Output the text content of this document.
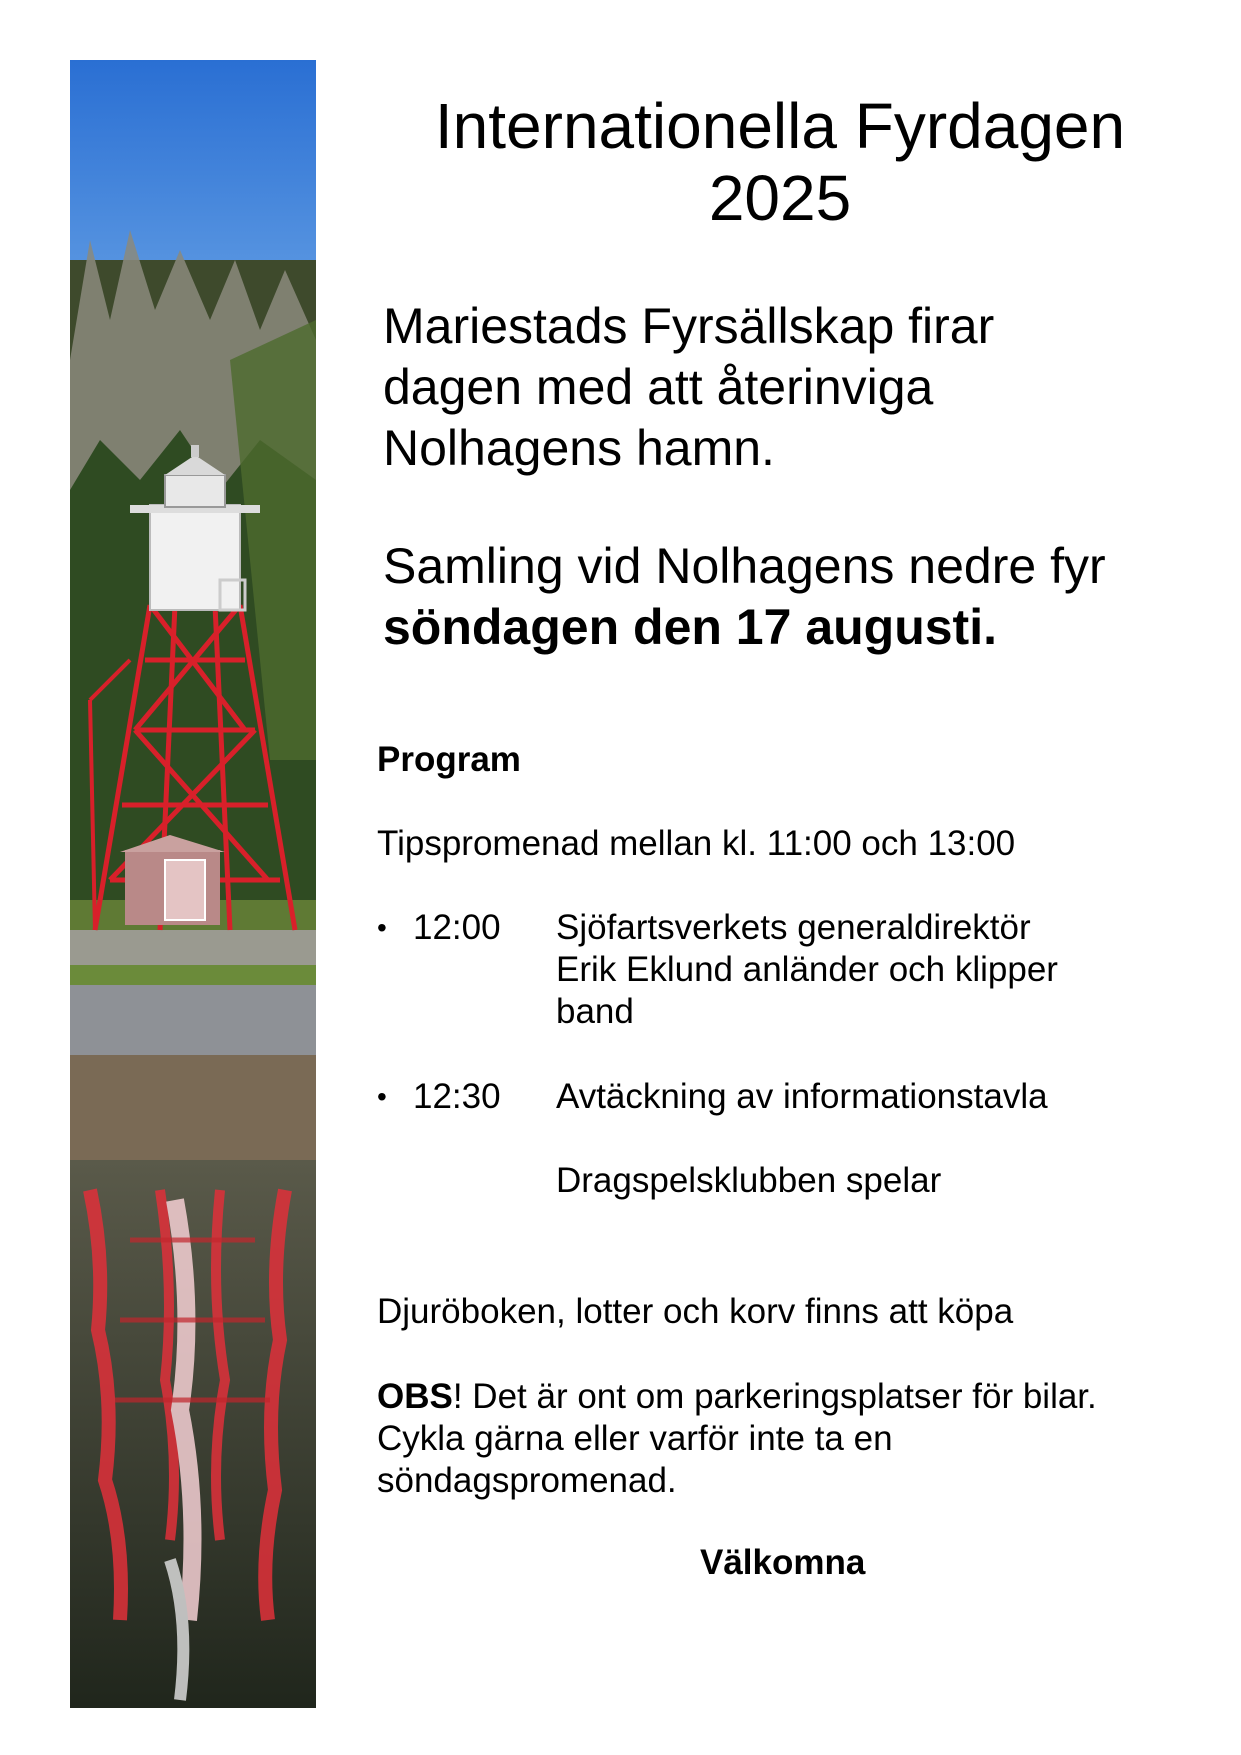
Internationella Fyrdagen
2025

Mariestads Fyrsällskap firar
dagen med att återinviga
Nolhagens hamn.

Samling vid Nolhagens nedre fyr
söndagen den 17 augusti.

Program

Tipspromenad mellan kl. 11:00 och 13:00

• 12:00 Sjöfartsverkets generaldirektör
Erik Eklund anländer och klipper
band
• 12:30 Avtäckning av informationstavla

Dragspelsklubben spelar

Djuröboken, lotter och korv finns att köpa

OBS! Det är ont om parkeringsplatser för bilar.
Cykla gärna eller varför inte ta en
söndagspromenad.

Välkomna
